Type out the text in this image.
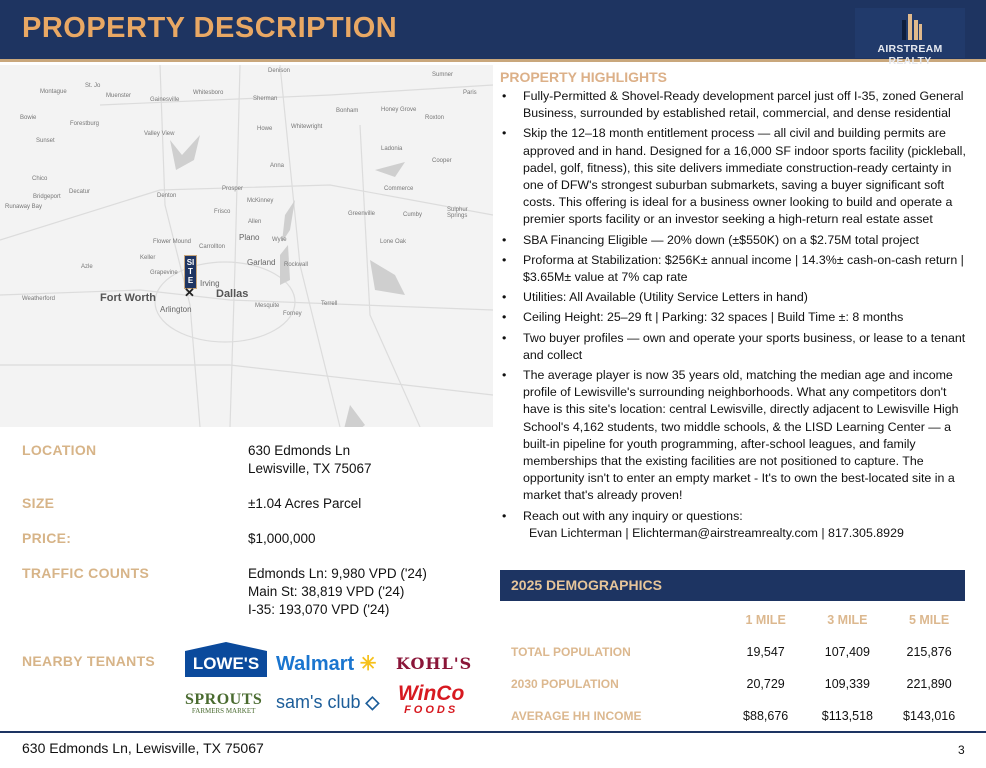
PROPERTY DESCRIPTION
AIRSTREAM REALTY
Denison
Sumner
Paris
St. Jo
Montague
Muenster
Gainesville
Whitesboro
Sherman
Bonham	Honey Grove
Roxton
Bowie
Forestburg
Valley View
Howe	Whitewright
Sunset
Ladonia
Anna
Cooper
Chico
Decatur
Denton
Prosper
McKinney
Commerce
Bridgeport
Runaway Bay
Frisco
Allen
Greenville	Cumby
Sulphur Springs
Flower Mound
Carrollton
Plano Wylie	Lone Oak
Azle
Keller
Grapevine
Garland Rockwall
Irving
Dallas
Fort Worth
Arlington
Weatherford
Mesquite
Forney
Terrell
SITE
✕
LOCATION	630 Edmonds Ln
Lewisville, TX 75067
SIZE	±1.04 Acres Parcel
PRICE:	$1,000,000
TRAFFIC COUNTS	Edmonds Ln: 9,980 VPD ('24)
Main St: 38,819 VPD ('24)
I-35: 193,070 VPD ('24)
NEARBY TENANTS	LOWE'S Walmart ✳ KOHL'S
SPROUTS
FARMERS MARKET	sam's club ◇ WinCo
FOODS
PROPERTY HIGHLIGHTS
• Fully-Permitted & Shovel-Ready development parcel just off I-35, zoned General Business, surrounded by established retail, commercial, and dense residential
• Skip the 12–18 month entitlement process — all civil and building permits are approved and in hand. Designed for a 16,000 SF indoor sports facility (pickleball, padel, golf, fitness), this site delivers immediate construction-ready certainty in one of DFW's strongest suburban submarkets, saving a buyer significant soft costs. This offering is ideal for a business owner looking to build and operate a premier sports facility or an investor seeking a high-return real estate asset
• SBA Financing Eligible — 20% down (±$550K) on a $2.75M total project
• Proforma at Stabilization: $256K± annual income | 14.3%± cash-on-cash return | $3.65M± value at 7% cap rate
• Utilities: All Available (Utility Service Letters in hand)
• Ceiling Height: 25–29 ft | Parking: 32 spaces | Build Time ±: 8 months
• Two buyer profiles — own and operate your sports business, or lease to a tenant and collect
• The average player is now 35 years old, matching the median age and income profile of Lewisville's surrounding neighborhoods. What any competitors don't have is this site's location: central Lewisville, directly adjacent to Lewisville High School's 4,162 students, two middle schools, & the LISD Learning Center — a built-in pipeline for youth programming, after-school leagues, and family memberships that the existing facilities are not positioned to capture. The opportunity isn't to enter an empty market - It's to own the best-located site in a market that's already proven!
• Reach out with any inquiry or questions:
Evan Lichterman | Elichterman@airstreamrealty.com | 817.305.8929
2025 DEMOGRAPHICS
	1 MILE	3 MILE	5 MILE
TOTAL POPULATION	19,547	107,409	215,876
2030 POPULATION	20,729	109,339	221,890
AVERAGE HH INCOME	$88,676	$113,518	$143,016
630 Edmonds Ln, Lewisville, TX 75067	3
